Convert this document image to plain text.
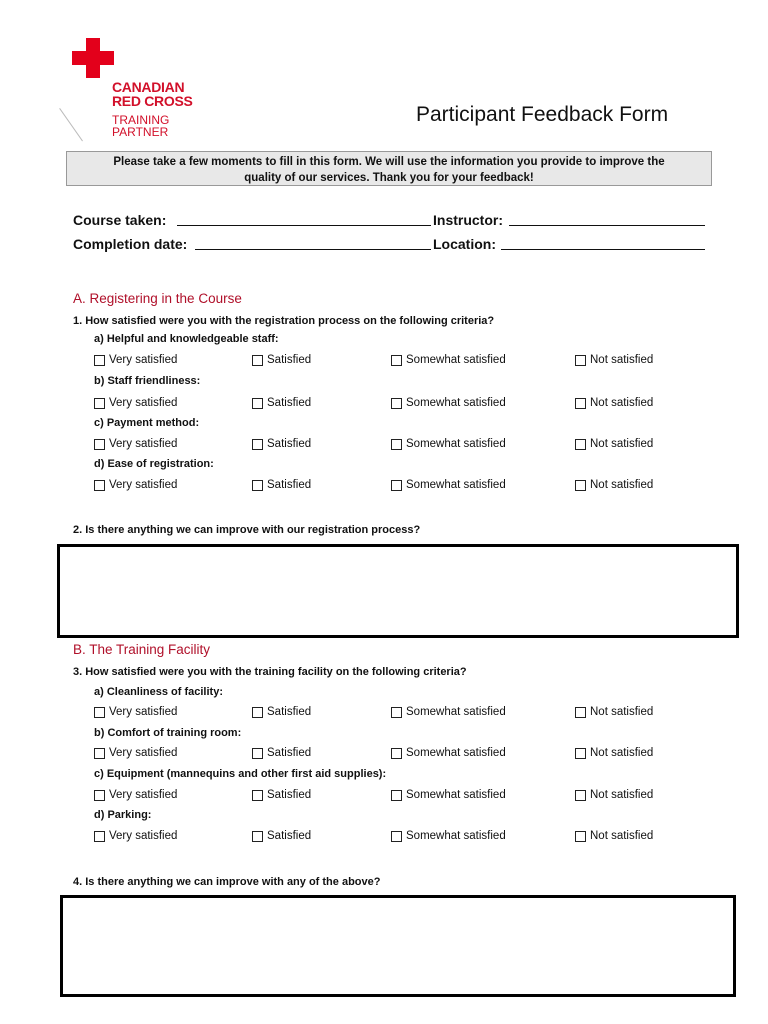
CANADIAN
RED CROSS
TRAINING
PARTNER
Participant Feedback Form
Please take a few moments to fill in this form. We will use the information you provide to improve the
quality of our services. Thank you for your feedback!
Course taken:	Instructor:
Completion date:	Location:
A. Registering in the Course
1. How satisfied were you with the registration process on the following criteria?
a) Helpful and knowledgeable staff:
Very satisfied	Satisfied	Somewhat satisfied	Not satisfied
b) Staff friendliness:
Very satisfied	Satisfied	Somewhat satisfied	Not satisfied
c) Payment method:
Very satisfied	Satisfied	Somewhat satisfied	Not satisfied
d) Ease of registration:
Very satisfied	Satisfied	Somewhat satisfied	Not satisfied
2. Is there anything we can improve with our registration process?
B. The Training Facility
3. How satisfied were you with the training facility on the following criteria?
a) Cleanliness of facility:
Very satisfied	Satisfied	Somewhat satisfied	Not satisfied
b) Comfort of training room:
Very satisfied	Satisfied	Somewhat satisfied	Not satisfied
c) Equipment (mannequins and other first aid supplies):
Very satisfied	Satisfied	Somewhat satisfied	Not satisfied
d) Parking:
Very satisfied	Satisfied	Somewhat satisfied	Not satisfied
4. Is there anything we can improve with any of the above?
